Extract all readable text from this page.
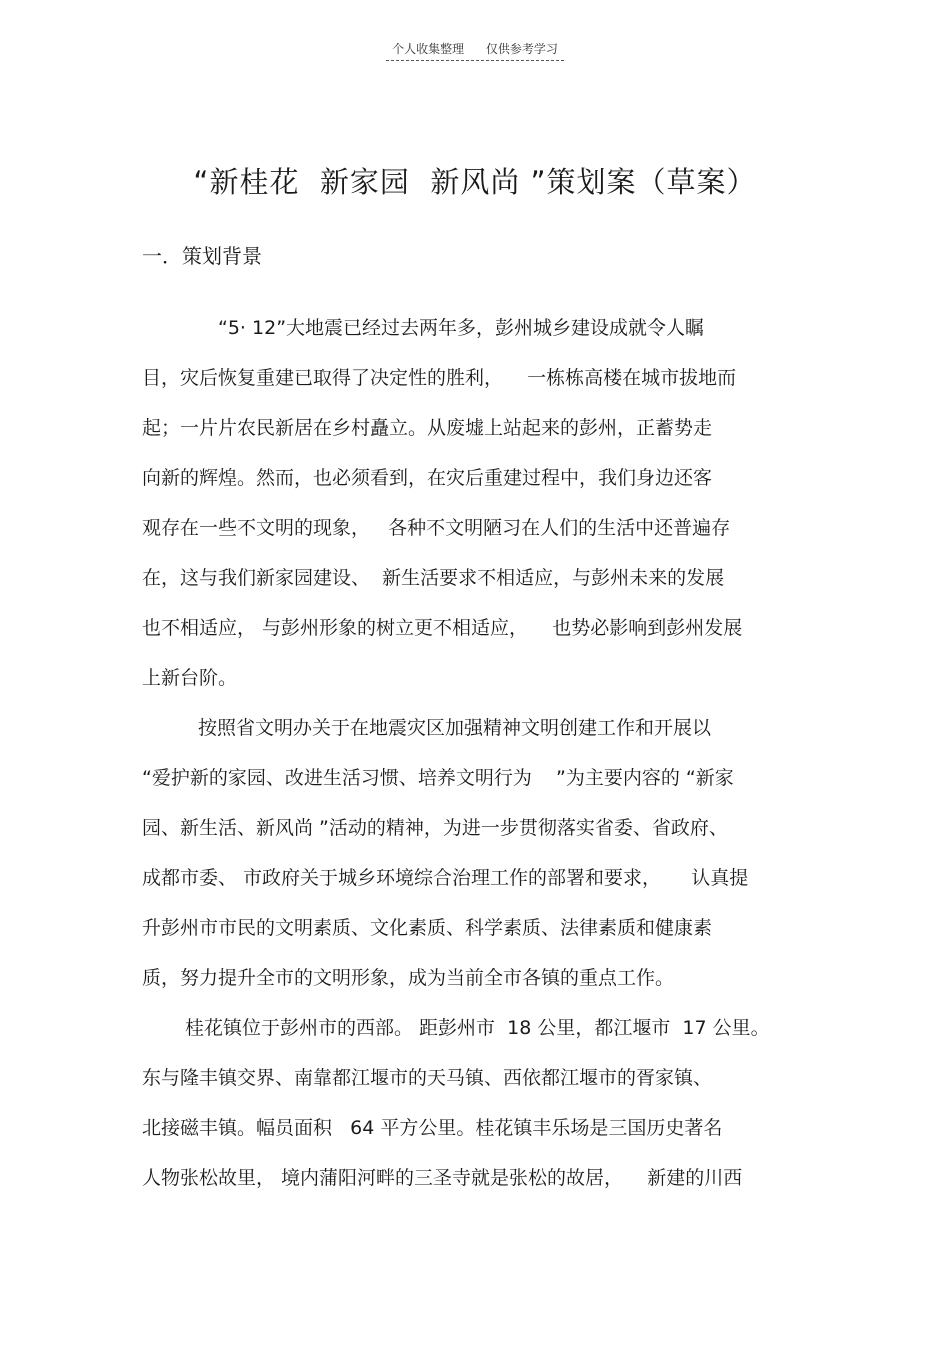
个人收集整理 仅供参考学习
“新桂花  新家园  新风尚 ”策划案（草案）
一．策划背景
“5· 12”大地震已经过去两年多，彭州城乡建设成就令人瞩
目，灾后恢复重建已取得了决定性的胜利，    一栋栋高楼在城市拔地而
起；一片片农民新居在乡村矗立。从废墟上站起来的彭州，正蓄势走
向新的辉煌。然而，也必须看到，在灾后重建过程中，我们身边还客
观存在一些不文明的现象，   各种不文明陋习在人们的生活中还普遍存
在，这与我们新家园建设、  新生活要求不相适应，与彭州未来的发展
也不相适应， 与彭州形象的树立更不相适应，    也势必影响到彭州发展
上新台阶。
按照省文明办关于在地震灾区加强精神文明创建工作和开展以
“爱护新的家园、改进生活习惯、培养文明行为    ”为主要内容的 “新家
园、新生活、新风尚 ”活动的精神，为进一步贯彻落实省委、省政府、
成都市委、 市政府关于城乡环境综合治理工作的部署和要求，     认真提
升彭州市市民的文明素质、文化素质、科学素质、法律素质和健康素
质，努力提升全市的文明形象，成为当前全市各镇的重点工作。
桂花镇位于彭州市的西部。 距彭州市  18 公里，都江堰市  17 公里。
东与隆丰镇交界、南靠都江堰市的天马镇、西依都江堰市的胥家镇、
北接磁丰镇。幅员面积   64 平方公里。桂花镇丰乐场是三国历史著名
人物张松故里， 境内蒲阳河畔的三圣寺就是张松的故居，    新建的川西
